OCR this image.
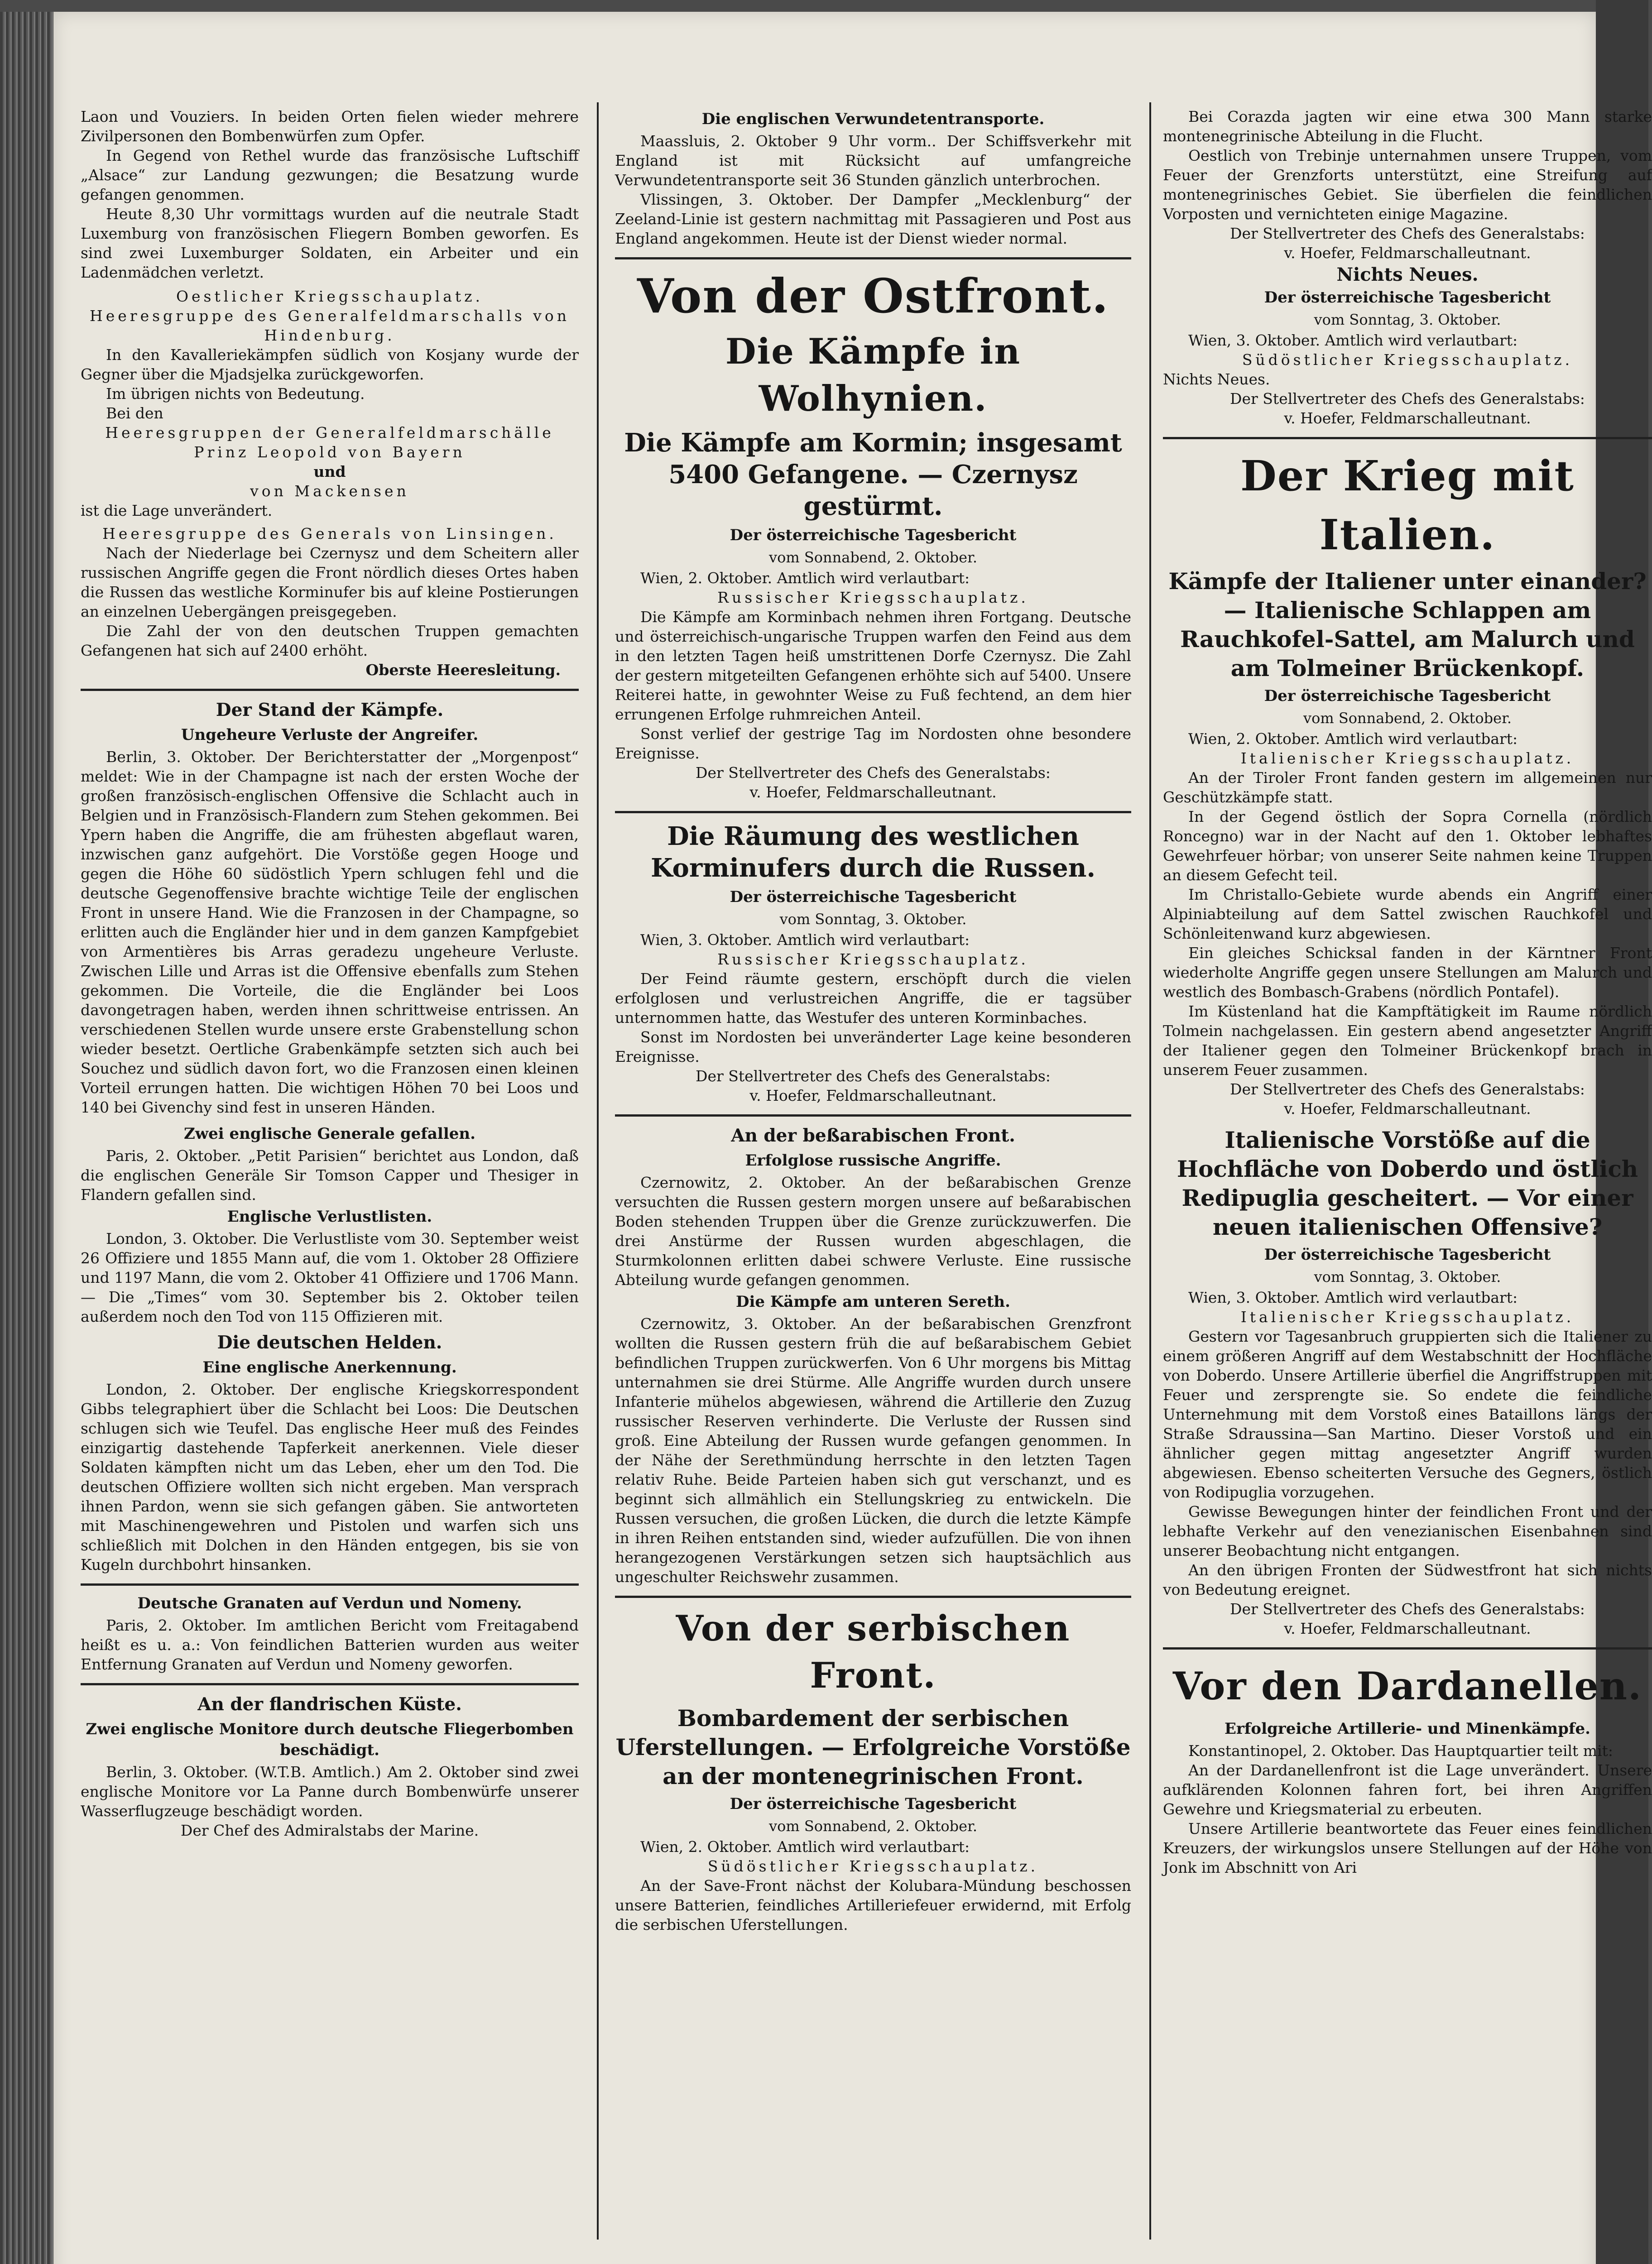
Laon und Vouziers. In beiden Orten fielen wieder mehrere Zivilpersonen den Bombenwürfen zum Opfer.

In Gegend von Rethel wurde das französische Luftschiff „Alsace“ zur Landung gezwungen; die Besatzung wurde gefangen genommen.

Heute 8,30 Uhr vormittags wurden auf die neutrale Stadt Luxemburg von französischen Fliegern Bomben geworfen. Es sind zwei Luxemburger Soldaten, ein Arbeiter und ein Ladenmädchen verletzt.

Oestlicher Kriegsschauplatz.

Heeresgruppe des Generalfeldmarschalls von Hindenburg.

In den Kavalleriekämpfen südlich von Kosjany wurde der Gegner über die Mjadsjelka zurückgeworfen.

Im übrigen nichts von Bedeutung.

Bei den

Heeresgruppen der Generalfeldmarschälle Prinz Leopold von Bayern

und

von Mackensen

ist die Lage unverändert.

Heeresgruppe des Generals von Linsingen.

Nach der Niederlage bei Czernysz und dem Scheitern aller russischen Angriffe gegen die Front nördlich dieses Ortes haben die Russen das westliche Korminufer bis auf kleine Postierungen an einzelnen Uebergängen preisgegeben.

Die Zahl der von den deutschen Truppen gemachten Gefangenen hat sich auf 2400 erhöht.

Oberste Heeresleitung.

Der Stand der Kämpfe.
Ungeheure Verluste der Angreifer.

Berlin, 3. Oktober. Der Berichterstatter der „Morgenpost“ meldet: Wie in der Champagne ist nach der ersten Woche der großen französisch-englischen Offensive die Schlacht auch in Belgien und in Französisch-Flandern zum Stehen gekommen. Bei Ypern haben die Angriffe, die am frühesten abgeflaut waren, inzwischen ganz aufgehört. Die Vorstöße gegen Hooge und gegen die Höhe 60 südöstlich Ypern schlugen fehl und die deutsche Gegenoffensive brachte wichtige Teile der englischen Front in unsere Hand. Wie die Franzosen in der Champagne, so erlitten auch die Engländer hier und in dem ganzen Kampfgebiet von Armentières bis Arras geradezu ungeheure Verluste. Zwischen Lille und Arras ist die Offensive ebenfalls zum Stehen gekommen. Die Vorteile, die die Engländer bei Loos davongetragen haben, werden ihnen schrittweise entrissen. An verschiedenen Stellen wurde unsere erste Grabenstellung schon wieder besetzt. Oertliche Grabenkämpfe setzten sich auch bei Souchez und südlich davon fort, wo die Franzosen einen kleinen Vorteil errungen hatten. Die wichtigen Höhen 70 bei Loos und 140 bei Givenchy sind fest in unseren Händen.

Zwei englische Generale gefallen.

Paris, 2. Oktober. „Petit Parisien“ berichtet aus London, daß die englischen Generäle Sir Tomson Capper und Thesiger in Flandern gefallen sind.

Englische Verlustlisten.

London, 3. Oktober. Die Verlustliste vom 30. September weist 26 Offiziere und 1855 Mann auf, die vom 1. Oktober 28 Offiziere und 1197 Mann, die vom 2. Oktober 41 Offiziere und 1706 Mann. — Die „Times“ vom 30. September bis 2. Oktober teilen außerdem noch den Tod von 115 Offizieren mit.

Die deutschen Helden.
Eine englische Anerkennung.

London, 2. Oktober. Der englische Kriegskorrespondent Gibbs telegraphiert über die Schlacht bei Loos: Die Deutschen schlugen sich wie Teufel. Das englische Heer muß des Feindes einzigartig dastehende Tapferkeit anerkennen. Viele dieser Soldaten kämpften nicht um das Leben, eher um den Tod. Die deutschen Offiziere wollten sich nicht ergeben. Man versprach ihnen Pardon, wenn sie sich gefangen gäben. Sie antworteten mit Maschinengewehren und Pistolen und warfen sich uns schließlich mit Dolchen in den Händen entgegen, bis sie von Kugeln durchbohrt hinsanken.

Deutsche Granaten auf Verdun und Nomeny.

Paris, 2. Oktober. Im amtlichen Bericht vom Freitagabend heißt es u. a.: Von feindlichen Batterien wurden aus weiter Entfernung Granaten auf Verdun und Nomeny geworfen.

An der flandrischen Küste.
Zwei englische Monitore durch deutsche Fliegerbomben beschädigt.

Berlin, 3. Oktober. (W.T.B. Amtlich.) Am 2. Oktober sind zwei englische Monitore vor La Panne durch Bombenwürfe unserer Wasserflugzeuge beschädigt worden.

Der Chef des Admiralstabs der Marine.

Die englischen Verwundetentransporte.

Maassluis, 2. Oktober 9 Uhr vorm.. Der Schiffsverkehr mit England ist mit Rücksicht auf umfangreiche Verwundetentransporte seit 36 Stunden gänzlich unterbrochen.

Vlissingen, 3. Oktober. Der Dampfer „Mecklenburg“ der Zeeland-Linie ist gestern nachmittag mit Passagieren und Post aus England angekommen. Heute ist der Dienst wieder normal.

Von der Ostfront.
Die Kämpfe in Wolhynien.
Die Kämpfe am Kormin; insgesamt 5400 Gefangene. — Czernysz gestürmt.
Der österreichische Tagesbericht
vom Sonnabend, 2. Oktober.

Wien, 2. Oktober. Amtlich wird verlautbart:

Russischer Kriegsschauplatz.

Die Kämpfe am Korminbach nehmen ihren Fortgang. Deutsche und österreichisch-ungarische Truppen warfen den Feind aus dem in den letzten Tagen heiß umstrittenen Dorfe Czernysz. Die Zahl der gestern mitgeteilten Gefangenen erhöhte sich auf 5400. Unsere Reiterei hatte, in gewohnter Weise zu Fuß fechtend, an dem hier errungenen Erfolge ruhmreichen Anteil.

Sonst verlief der gestrige Tag im Nordosten ohne besondere Ereignisse.

Der Stellvertreter des Chefs des Generalstabs:

v. Hoefer, Feldmarschalleutnant.

Die Räumung des westlichen Korminufers durch die Russen.
Der österreichische Tagesbericht
vom Sonntag, 3. Oktober.

Wien, 3. Oktober. Amtlich wird verlautbart:

Russischer Kriegsschauplatz.

Der Feind räumte gestern, erschöpft durch die vielen erfolglosen und verlustreichen Angriffe, die er tagsüber unternommen hatte, das Westufer des unteren Korminbaches.

Sonst im Nordosten bei unveränderter Lage keine besonderen Ereignisse.

Der Stellvertreter des Chefs des Generalstabs:

v. Hoefer, Feldmarschalleutnant.

An der beßarabischen Front.
Erfolglose russische Angriffe.

Czernowitz, 2. Oktober. An der beßarabischen Grenze versuchten die Russen gestern morgen unsere auf beßarabischen Boden stehenden Truppen über die Grenze zurückzuwerfen. Die drei Anstürme der Russen wurden abgeschlagen, die Sturmkolonnen erlitten dabei schwere Verluste. Eine russische Abteilung wurde gefangen genommen.

Die Kämpfe am unteren Sereth.

Czernowitz, 3. Oktober. An der beßarabischen Grenzfront wollten die Russen gestern früh die auf beßarabischem Gebiet befindlichen Truppen zurückwerfen. Von 6 Uhr morgens bis Mittag unternahmen sie drei Stürme. Alle Angriffe wurden durch unsere Infanterie mühelos abgewiesen, während die Artillerie den Zuzug russischer Reserven verhinderte. Die Verluste der Russen sind groß. Eine Abteilung der Russen wurde gefangen genommen. In der Nähe der Serethmündung herrschte in den letzten Tagen relativ Ruhe. Beide Parteien haben sich gut verschanzt, und es beginnt sich allmählich ein Stellungskrieg zu entwickeln. Die Russen versuchen, die großen Lücken, die durch die letzte Kämpfe in ihren Reihen entstanden sind, wieder aufzufüllen. Die von ihnen herangezogenen Verstärkungen setzen sich hauptsächlich aus ungeschulter Reichswehr zusammen.

Von der serbischen Front.
Bombardement der serbischen Uferstellungen. — Erfolgreiche Vorstöße an der montenegrinischen Front.
Der österreichische Tagesbericht
vom Sonnabend, 2. Oktober.

Wien, 2. Oktober. Amtlich wird verlautbart:

Südöstlicher Kriegsschauplatz.

An der Save-Front nächst der Kolubara-Mündung beschossen unsere Batterien, feindliches Artilleriefeuer erwidernd, mit Erfolg die serbischen Uferstellungen.

Bei Corazda jagten wir eine etwa 300 Mann starke montenegrinische Abteilung in die Flucht.

Oestlich von Trebinje unternahmen unsere Truppen, vom Feuer der Grenzforts unterstützt, eine Streifung auf montenegrinisches Gebiet. Sie überfielen die feindlichen Vorposten und vernichteten einige Magazine.

Der Stellvertreter des Chefs des Generalstabs:

v. Hoefer, Feldmarschalleutnant.

Nichts Neues.
Der österreichische Tagesbericht
vom Sonntag, 3. Oktober.

Wien, 3. Oktober. Amtlich wird verlautbart:

Südöstlicher Kriegsschauplatz.

Nichts Neues.

Der Stellvertreter des Chefs des Generalstabs:

v. Hoefer, Feldmarschalleutnant.

Der Krieg mit Italien.
Kämpfe der Italiener unter einander? — Italienische Schlappen am Rauchkofel-Sattel, am Malurch und am Tolmeiner Brückenkopf.
Der österreichische Tagesbericht
vom Sonnabend, 2. Oktober.

Wien, 2. Oktober. Amtlich wird verlautbart:

Italienischer Kriegsschauplatz.

An der Tiroler Front fanden gestern im allgemeinen nur Geschützkämpfe statt.

In der Gegend östlich der Sopra Cornella (nördlich Roncegno) war in der Nacht auf den 1. Oktober lebhaftes Gewehrfeuer hörbar; von unserer Seite nahmen keine Truppen an diesem Gefecht teil.

Im Christallo-Gebiete wurde abends ein Angriff einer Alpiniabteilung auf dem Sattel zwischen Rauchkofel und Schönleitenwand kurz abgewiesen.

Ein gleiches Schicksal fanden in der Kärntner Front wiederholte Angriffe gegen unsere Stellungen am Malurch und westlich des Bombasch-Grabens (nördlich Pontafel).

Im Küstenland hat die Kampftätigkeit im Raume nördlich Tolmein nachgelassen. Ein gestern abend angesetzter Angriff der Italiener gegen den Tolmeiner Brückenkopf brach in unserem Feuer zusammen.

Der Stellvertreter des Chefs des Generalstabs:

v. Hoefer, Feldmarschalleutnant.

Italienische Vorstöße auf die Hochfläche von Doberdo und östlich Redipuglia gescheitert. — Vor einer neuen italienischen Offensive?
Der österreichische Tagesbericht
vom Sonntag, 3. Oktober.

Wien, 3. Oktober. Amtlich wird verlautbart:

Italienischer Kriegsschauplatz.

Gestern vor Tagesanbruch gruppierten sich die Italiener zu einem größeren Angriff auf dem Westabschnitt der Hochfläche von Doberdo. Unsere Artillerie überfiel die Angriffstruppen mit Feuer und zersprengte sie. So endete die feindliche Unternehmung mit dem Vorstoß eines Bataillons längs der Straße Sdraussina—San Martino. Dieser Vorstoß und ein ähnlicher gegen mittag angesetzter Angriff wurden abgewiesen. Ebenso scheiterten Versuche des Gegners, östlich von Rodipuglia vorzugehen.

Gewisse Bewegungen hinter der feindlichen Front und der lebhafte Verkehr auf den venezianischen Eisenbahnen sind unserer Beobachtung nicht entgangen.

An den übrigen Fronten der Südwestfront hat sich nichts von Bedeutung ereignet.

Der Stellvertreter des Chefs des Generalstabs:

v. Hoefer, Feldmarschalleutnant.

Vor den Dardanellen.
Erfolgreiche Artillerie- und Minenkämpfe.

Konstantinopel, 2. Oktober. Das Hauptquartier teilt mit:

An der Dardanellenfront ist die Lage unverändert. Unsere aufklärenden Kolonnen fahren fort, bei ihren Angriffen Gewehre und Kriegsmaterial zu erbeuten.

Unsere Artillerie beantwortete das Feuer eines feindlichen Kreuzers, der wirkungslos unsere Stellungen auf der Höhe von Jonk im Abschnitt von Ari
